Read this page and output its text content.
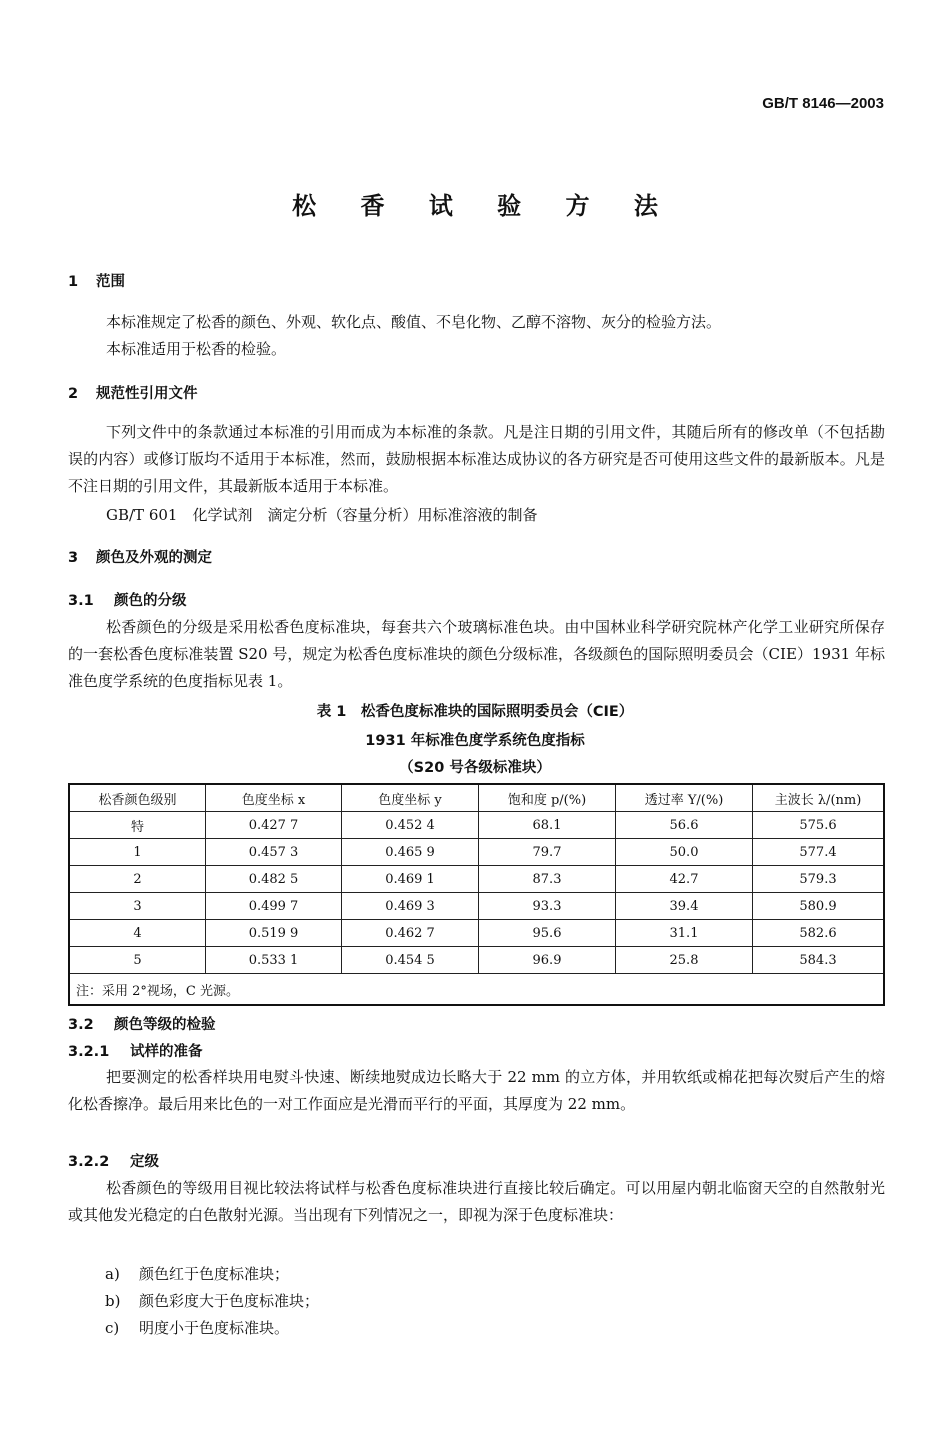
GB/T 8146—2003
松 香 试 验 方 法
1 范围
本标准规定了松香的颜色、外观、软化点、酸值、不皂化物、乙醇不溶物、灰分的检验方法。
本标准适用于松香的检验。
2 规范性引用文件
下列文件中的条款通过本标准的引用而成为本标准的条款。凡是注日期的引用文件，其随后所有的修改单（不包括勘误的内容）或修订版均不适用于本标准，然而，鼓励根据本标准达成协议的各方研究是否可使用这些文件的最新版本。凡是不注日期的引用文件，其最新版本适用于本标准。
GB/T 601　化学试剂　滴定分析（容量分析）用标准溶液的制备
3 颜色及外观的测定
3.1 颜色的分级
松香颜色的分级是采用松香色度标准块，每套共六个玻璃标准色块。由中国林业科学研究院林产化学工业研究所保存的一套松香色度标准装置 S20 号，规定为松香色度标准块的颜色分级标准，各级颜色的国际照明委员会（CIE）1931 年标准色度学系统的色度指标见表 1。
表 1　松香色度标准块的国际照明委员会（CIE）
1931 年标准色度学系统色度指标
（S20 号各级标准块）
松香颜色级别	色度坐标 x	色度坐标 y	饱和度 p/(%)	透过率 Y/(%)	主波长 λ/(nm)
特	0.427 7	0.452 4	68.1	56.6	575.6
1	0.457 3	0.465 9	79.7	50.0	577.4
2	0.482 5	0.469 1	87.3	42.7	579.3
3	0.499 7	0.469 3	93.3	39.4	580.9
4	0.519 9	0.462 7	95.6	31.1	582.6
5	0.533 1	0.454 5	96.9	25.8	584.3
注：采用 2°视场，C 光源。					
3.2 颜色等级的检验
3.2.1 试样的准备
把要测定的松香样块用电熨斗快速、断续地熨成边长略大于 22 mm 的立方体，并用软纸或棉花把每次熨后产生的熔化松香擦净。最后用来比色的一对工作面应是光滑而平行的平面，其厚度为 22 mm。
3.2.2 定级
松香颜色的等级用目视比较法将试样与松香色度标准块进行直接比较后确定。可以用屋内朝北临窗天空的自然散射光或其他发光稳定的白色散射光源。当出现有下列情况之一，即视为深于色度标准块：
a) 颜色红于色度标准块；
b) 颜色彩度大于色度标准块；
c) 明度小于色度标准块。
